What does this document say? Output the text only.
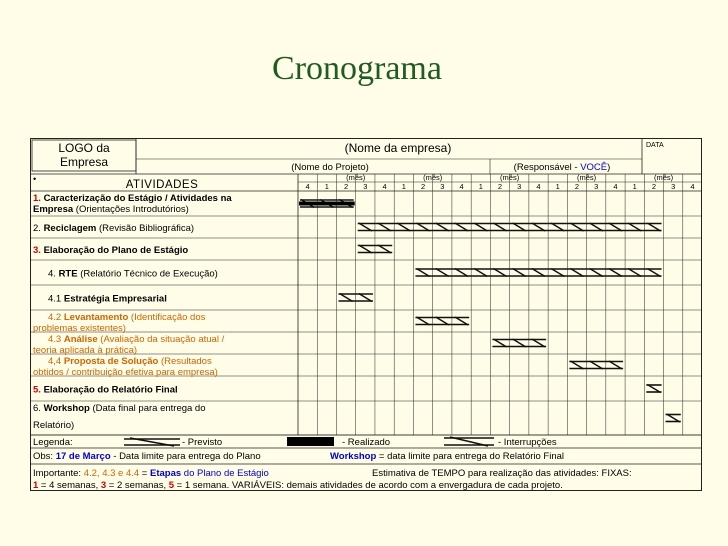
Cronograma
LOGO da
Empresa
(Nome da empresa)	DATA
(Nome do Projeto)	(Responsável - VOCÊ)
•	ATIVIDADES
(mês)	(mês)	(mês)	(mês)	(mês)
4 1 2 3 4 1 2 3 4 1 2 3 4 1 2 3 4 1 2 3 4
1. Caracterização do Estágio / Atividades na
Empresa (Orientações Introdutórios)
2. Reciclagem (Revisão Bibliográfica)
3. Elaboração do Plano de Estágio
4. RTE (Relatório Técnico de Execução)
4.1 Estratégia Empresarial
4.2 Levantamento (Identificação dos
problemas existentes)
4.3 Análise (Avaliação da situação atual /
teoria aplicada à prática)
4,4 Proposta de Solução (Resultados
obtidos / contribuição efetiva para empresa)
5. Elaboração do Relatório Final
6. Workshop (Data final para entrega do
Relatório)
Legenda:	- Previsto	- Realizado	- Interrupções
Obs: 17 de Março - Data limite para entrega do Plano	Workshop = data limite para entrega do Relatório Final
Importante: 4.2, 4.3 e 4.4 = Etapas do Plano de Estágio	Estimativa de TEMPO para realização das atividades: FIXAS:
1 = 4 semanas, 3 = 2 semanas, 5 = 1 semana. VARIÁVEIS: demais atividades de acordo com a envergadura de cada projeto.
